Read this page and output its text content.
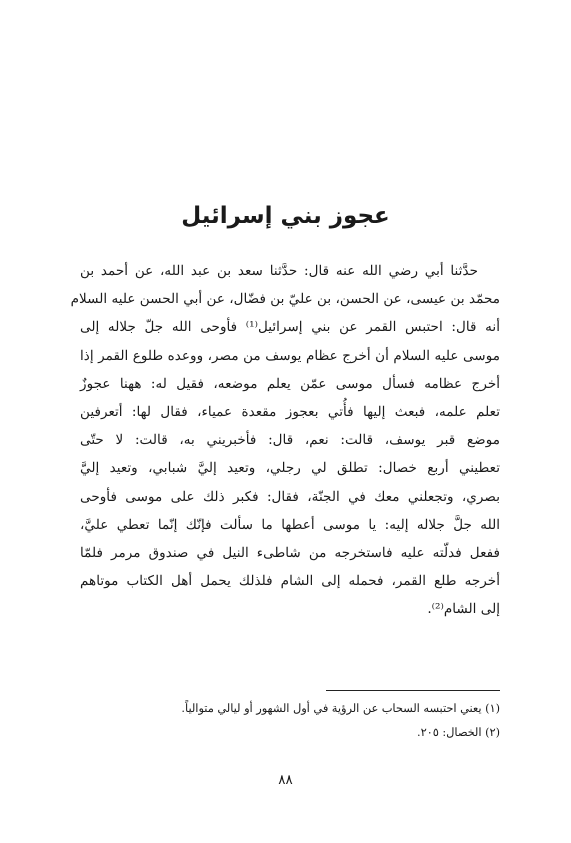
عجوز بني إسرائيل
حدَّثنا أبي رضي الله عنه قال: حدَّثنا سعد بن عبد الله، عن أحمد بن
محمّد بن عيسى، عن الحسن، بن عليّ بن فضّال، عن أبي الحسن عليه السلام
أنه قال: احتبس القمر عن بني إسرائيل⁽¹⁾ فأوحى الله جلّ جلاله إلى
موسى عليه السلام أن أخرج عظام يوسف من مصر، ووعده طلوع القمر إذا
أخرج عظامه فسأل موسى عمّن يعلم موضعه، فقيل له: ههنا عجوزٌ
تعلم علمه، فبعث إليها فأُتي بعجوز مقعدة عمياء، فقال لها: أتعرفين
موضع قبر يوسف، قالت: نعم، قال: فأخبريني به، قالت: لا حتّى
تعطيني أربع خصال: تطلق لي رجلي، وتعيد إليَّ شبابي، وتعيد إليَّ
بصري، وتجعلني معك في الجنّة، فقال: فكبر ذلك على موسى فأوحى
الله جلَّ جلاله إليه: يا موسى أعطها ما سألت فإنّك إنّما تعطي عليَّ،
ففعل فدلّته عليه فاستخرجه من شاطىء النيل في صندوق مرمر فلمّا
أخرجه طلع القمر، فحمله إلى الشام فلذلك يحمل أهل الكتاب موتاهم
إلى الشام⁽²⁾.
(١) يعني احتبسه السحاب عن الرؤية في أول الشهور أو ليالي متوالياً.
(٢) الخصال: ٢٠٥.
٨٨
